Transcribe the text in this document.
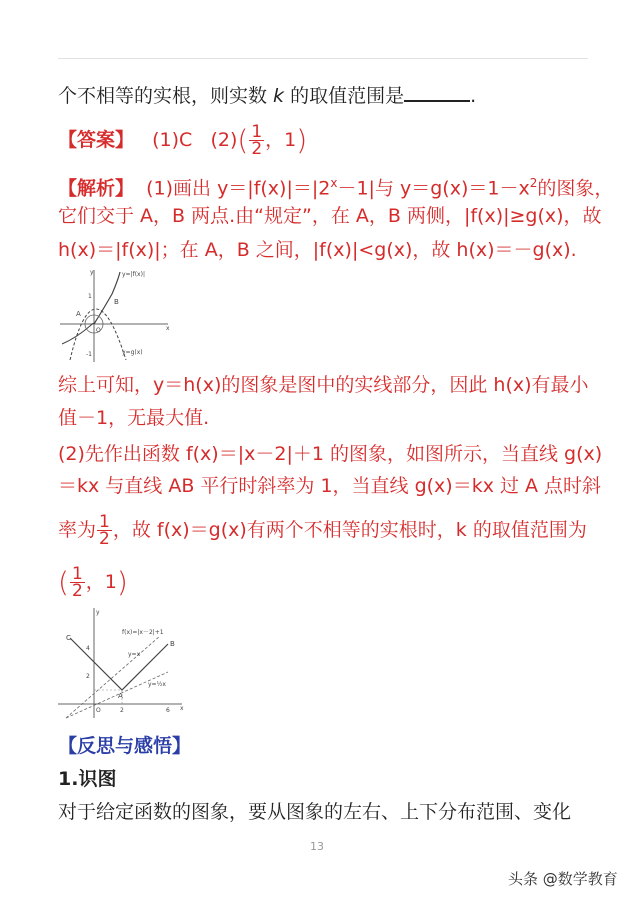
个不相等的实根，则实数 k 的取值范围是	.
【答案】 (1)C $(2)( \frac{1}{2}$ ，1)
【解析】 (1)画出 $y=|f(x)|=|2^x-1|$与 $y=g(x)=1-x^2$的图象，
它们交于 A，B 两点.由“规定”，在 A，B 两侧，|f(x)|≥g(x)，故
h(x)＝|f(x)|；在 A，B 之间，|f(x)|<g(x)，故 h(x)＝－g(x).
y=|f(x)|
y=g(x)
A
B
O
1
-1
x
y
综上可知，y＝h(x)的图象是图中的实线部分，因此 h(x)有最小
值－1，无最大值.
(2)先作出函数 f(x)＝|x－2|＋1 的图象，如图所示，当直线 g(x)
＝kx 与直线 AB 平行时斜率为 1，当直线 g(x)＝kx 过 A 点时斜
率为 $\frac{1}{2}$ ，故 f(x)＝g(x)有两个不相等的实根时，k 的取值范围为
( $\frac{1}{2}$ ，1)
f(x)=|x－2|+1
y=x
y=½x
C
B
A
O
4
2
2	6 x
y
【反思与感悟】
1.识图
对于给定函数的图象，要从图象的左右、上下分布范围、变化
13
头条 @数学教育
